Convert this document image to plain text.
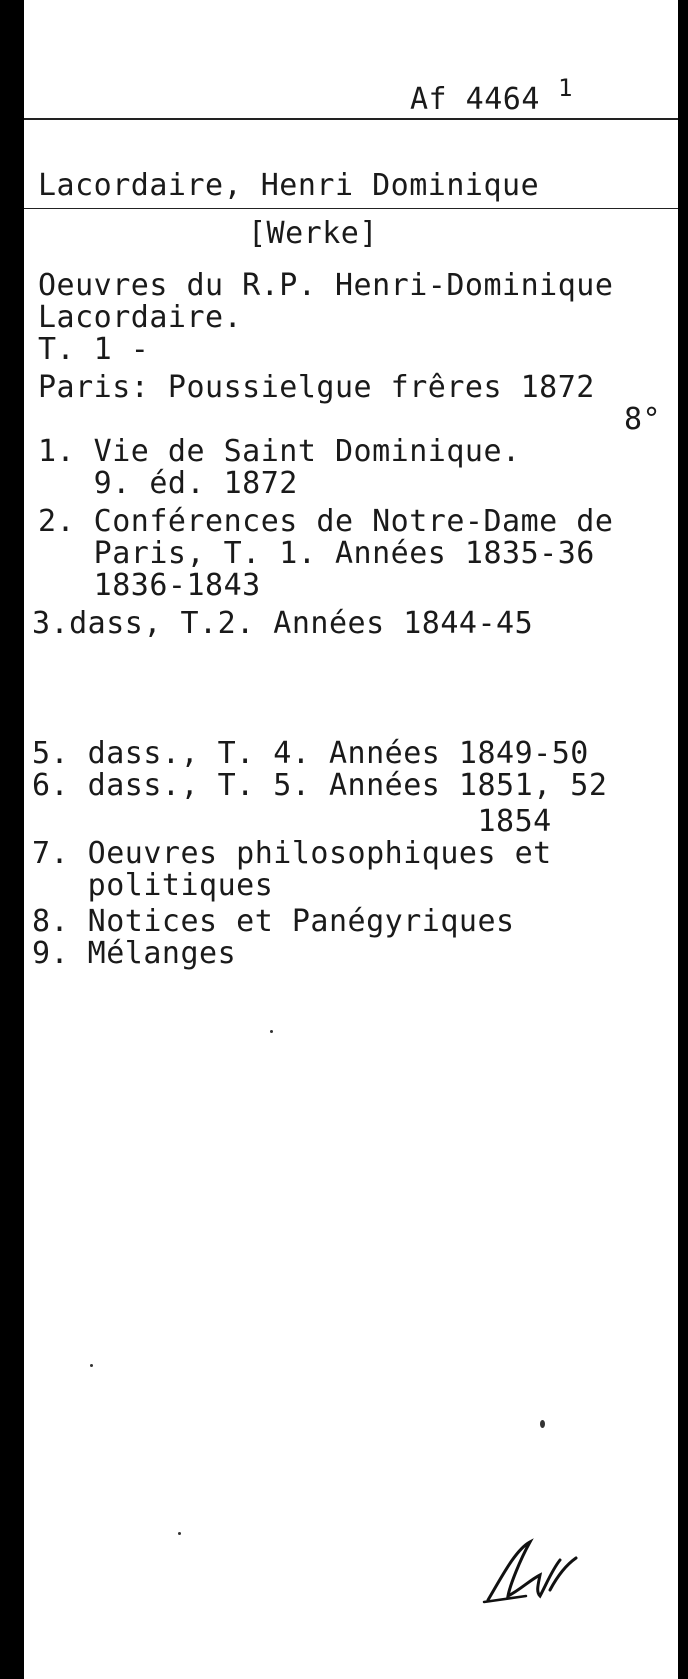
Af 4464 1
Lacordaire, Henri Dominique
[Werke]
Oeuvres du R.P. Henri-Dominique
Lacordaire.
T. 1 -
Paris: Poussielgue frêres 1872
8°
1. Vie de Saint Dominique.
9. éd. 1872
2. Conférences de Notre-Dame de
Paris, T. 1. Années 1835-36
1836-1843
3.dass, T.2. Années 1844-45
5. dass., T. 4. Années 1849-50
6. dass., T. 5. Années 1851, 52
1854
7. Oeuvres philosophiques et
politiques
8. Notices et Panégyriques
9. Mélanges
